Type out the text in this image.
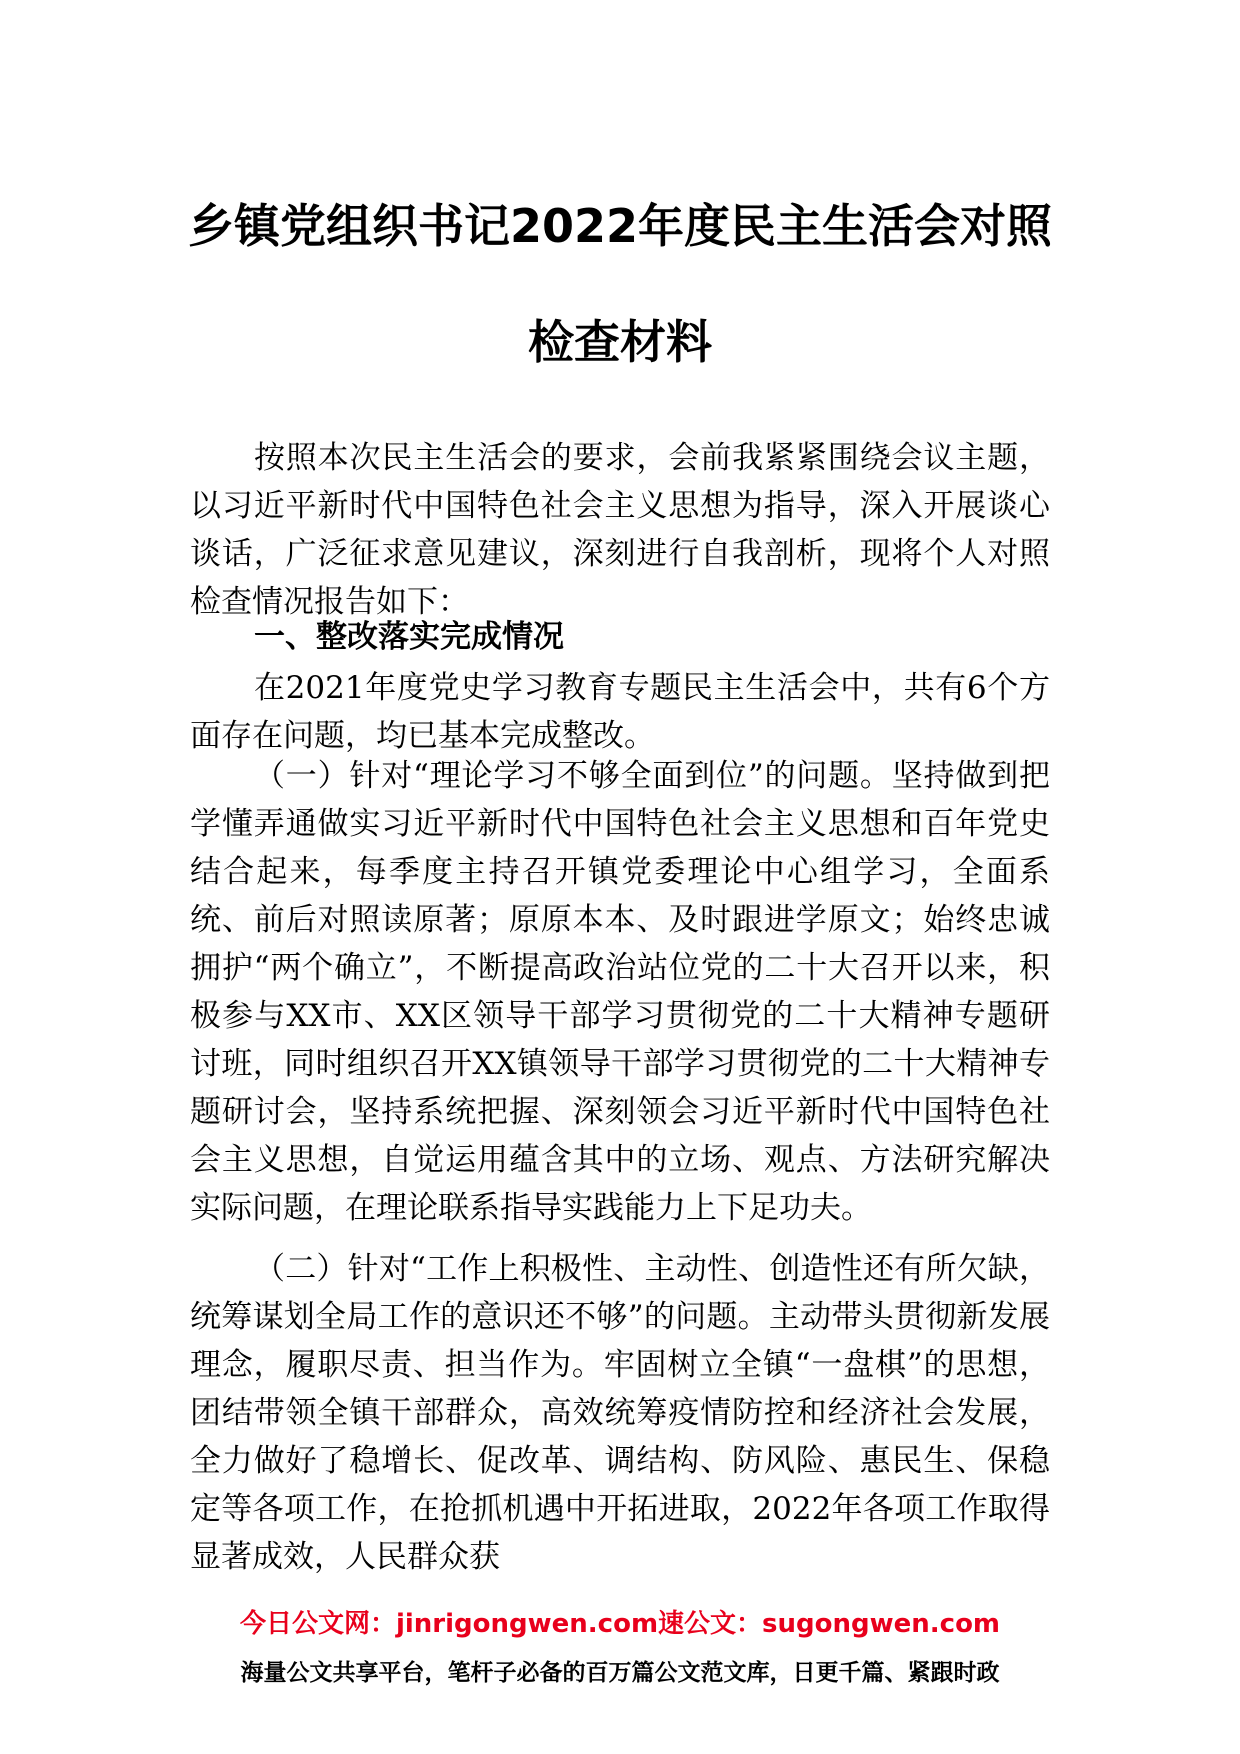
乡镇党组织书记2022年度民主生活会对照
检查材料

按照本次民主生活会的要求，会前我紧紧围绕会议主题，以习近平新时代中国特色社会主义思想为指导，深入开展谈心谈话，广泛征求意见建议，深刻进行自我剖析，现将个人对照检查情况报告如下：

一、整改落实完成情况

在2021年度党史学习教育专题民主生活会中，共有6个方面存在问题，均已基本完成整改。

（一）针对“理论学习不够全面到位”的问题。坚持做到把学懂弄通做实习近平新时代中国特色社会主义思想和百年党史结合起来，每季度主持召开镇党委理论中心组学习，全面系统、前后对照读原著；原原本本、及时跟进学原文；始终忠诚拥护“两个确立”，不断提高政治站位党的二十大召开以来，积极参与XX市、XX区领导干部学习贯彻党的二十大精神专题研讨班，同时组织召开XX镇领导干部学习贯彻党的二十大精神专题研讨会，坚持系统把握、深刻领会习近平新时代中国特色社会主义思想，自觉运用蕴含其中的立场、观点、方法研究解决实际问题，在理论联系指导实践能力上下足功夫。

（二）针对“工作上积极性、主动性、创造性还有所欠缺，统筹谋划全局工作的意识还不够”的问题。主动带头贯彻新发展理念，履职尽责、担当作为。牢固树立全镇“一盘棋”的思想，团结带领全镇干部群众，高效统筹疫情防控和经济社会发展，全力做好了稳增长、促改革、调结构、防风险、惠民生、保稳定等各项工作，在抢抓机遇中开拓进取，2022年各项工作取得显著成效，人民群众获

今日公文网：jinrigongwen.com速公文：sugongwen.com
海量公文共享平台，笔杆子必备的百万篇公文范文库，日更千篇、紧跟时政
